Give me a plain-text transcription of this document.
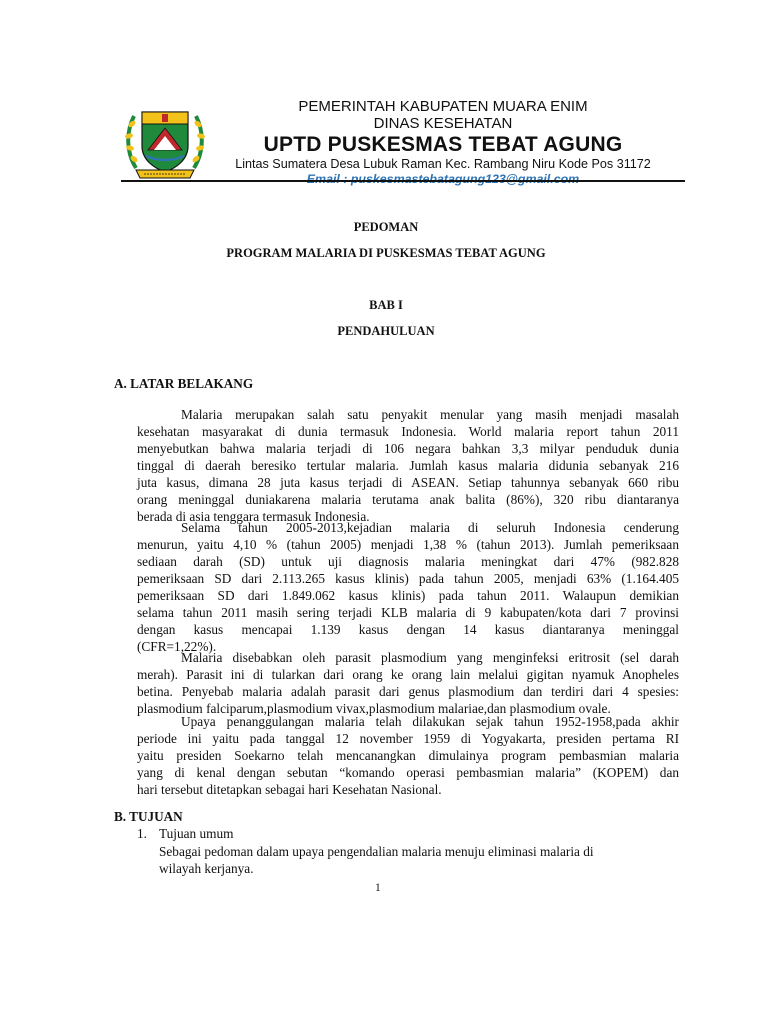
PEMERINTAH KABUPATEN MUARA ENIM
DINAS KESEHATAN
UPTD PUSKESMAS TEBAT AGUNG
Lintas Sumatera Desa Lubuk Raman Kec. Rambang Niru Kode Pos 31172
Email : puskesmastebatagung123@gmail.com
PEDOMAN
PROGRAM MALARIA DI PUSKESMAS TEBAT AGUNG
BAB I
PENDAHULUAN
A. LATAR BELAKANG
Malaria merupakan salah satu penyakit menular yang masih menjadi masalah
kesehatan masyarakat di dunia termasuk Indonesia. World malaria report tahun 2011
menyebutkan bahwa malaria terjadi di 106 negara bahkan 3,3 milyar penduduk dunia
tinggal di daerah beresiko tertular malaria. Jumlah kasus malaria didunia sebanyak 216
juta kasus, dimana 28 juta kasus terjadi di ASEAN. Setiap tahunnya sebanyak 660 ribu
orang meninggal duniakarena malaria terutama anak balita (86%), 320 ribu diantaranya
berada di asia tenggara termasuk Indonesia.
Selama tahun 2005-2013,kejadian malaria di seluruh Indonesia cenderung
menurun, yaitu 4,10 % (tahun 2005) menjadi 1,38 % (tahun 2013). Jumlah pemeriksaan
sediaan darah (SD) untuk uji diagnosis malaria meningkat dari 47% (982.828
pemeriksaan SD dari 2.113.265 kasus klinis) pada tahun 2005, menjadi 63% (1.164.405
pemeriksaan SD dari 1.849.062 kasus klinis) pada tahun 2011. Walaupun demikian
selama tahun 2011 masih sering terjadi KLB malaria di 9 kabupaten/kota dari 7 provinsi
dengan kasus mencapai 1.139 kasus dengan 14 kasus diantaranya meninggal
(CFR=1,22%).
Malaria disebabkan oleh parasit plasmodium yang menginfeksi eritrosit (sel darah
merah). Parasit ini di tularkan dari orang ke orang lain melalui gigitan nyamuk Anopheles
betina. Penyebab malaria adalah parasit dari genus plasmodium dan terdiri dari 4 spesies:
plasmodium falciparum,plasmodium vivax,plasmodium malariae,dan plasmodium ovale.
Upaya penanggulangan malaria telah dilakukan sejak tahun 1952-1958,pada akhir
periode ini yaitu pada tanggal 12 november 1959 di Yogyakarta, presiden pertama RI
yaitu presiden Soekarno telah mencanangkan dimulainya program pembasmian malaria
yang di kenal dengan sebutan “komando operasi pembasmian malaria” (KOPEM) dan
hari tersebut ditetapkan sebagai hari Kesehatan Nasional.
B. TUJUAN
1. Tujuan umum
Sebagai pedoman dalam upaya pengendalian malaria menuju eliminasi malaria di
wilayah kerjanya.
1
